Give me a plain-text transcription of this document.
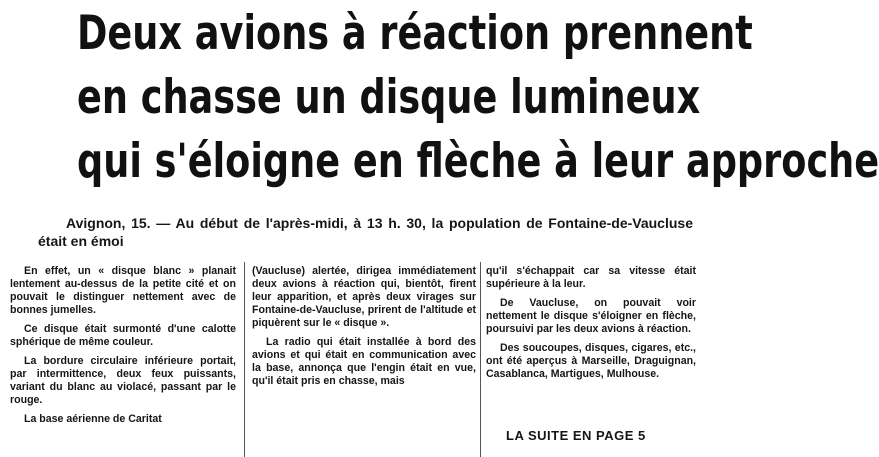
Deux avions à réaction prennent
en chasse un disque lumineux
qui s'éloigne en flèche à leur approche
Avignon, 15. — Au début de l'après-midi, à 13 h. 30, la population de Fontaine-de-Vaucluse était en émoi

En effet, un « disque blanc » planait lentement au-dessus de la petite cité et on pouvait le distinguer nettement avec de bonnes jumelles.

Ce disque était surmonté d'une calotte sphérique de même couleur.

La bordure circulaire inférieure portait, par intermittence, deux feux puissants, variant du blanc au violacé, passant par le rouge.

La base aérienne de Caritat

(Vaucluse) alertée, dirigea immédiatement deux avions à réaction qui, bientôt, firent leur apparition, et après deux virages sur Fontaine-de-Vaucluse, prirent de l'altitude et piquèrent sur le « disque ».

La radio qui était installée à bord des avions et qui était en communication avec la base, annonça que l'engin était en vue, qu'il était pris en chasse, mais

qu'il s'échappait car sa vitesse était supérieure à la leur.

De Vaucluse, on pouvait voir nettement le disque s'éloigner en flèche, poursuivi par les deux avions à réaction.

Des soucoupes, disques, cigares, etc., ont été aperçus à Marseille, Draguignan, Casablanca, Martigues, Mulhouse.

LA SUITE EN PAGE 5
